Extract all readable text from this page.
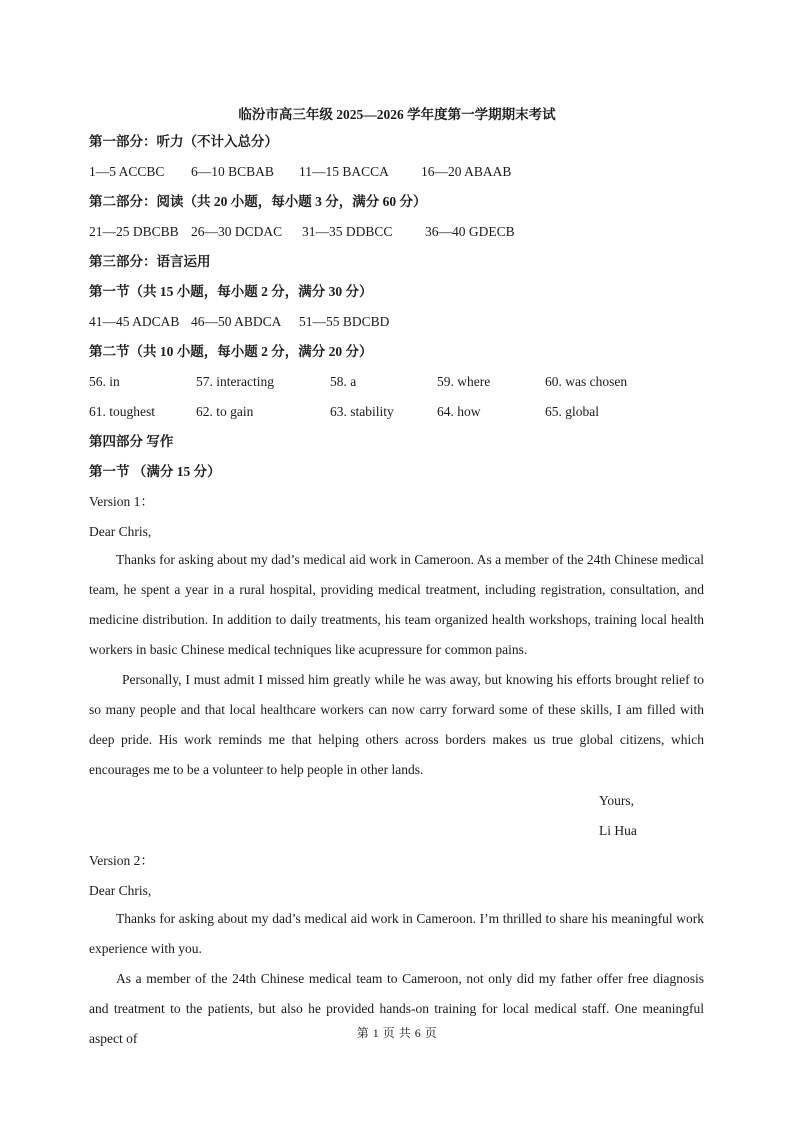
临汾市高三年级 2025—2026 学年度第一学期期末考试
第一部分：听力（不计入总分）
1—5 ACCBC 6—10 BCBAB 11—15 BACCA 16—20 ABAAB
第二部分：阅读（共 20 小题，每小题 3 分，满分 60 分）
21—25 DBCBB 26—30 DCDAC 31—35 DDBCC 36—40 GDECB
第三部分：语言运用
第一节（共 15 小题，每小题 2 分，满分 30 分）
41—45 ADCAB 46—50 ABDCA 51—55 BDCBD
第二节（共 10 小题，每小题 2 分，满分 20 分）
56. in	57. interacting	58. a	59. where	60. was chosen
61. toughest	62. to gain	63. stability	64. how	65. global
第四部分 写作
第一节 （满分 15 分）
Version 1：
Dear Chris,
Thanks for asking about my dad’s medical aid work in Cameroon. As a member of the 24th Chinese medical team, he spent a year in a rural hospital, providing medical treatment, including registration, consultation, and medicine distribution. In addition to daily treatments, his team organized health workshops, training local health workers in basic Chinese medical techniques like acupressure for common pains.
Personally, I must admit I missed him greatly while he was away, but knowing his efforts brought relief to so many people and that local healthcare workers can now carry forward some of these skills, I am filled with deep pride. His work reminds me that helping others across borders makes us true global citizens, which encourages me to be a volunteer to help people in other lands.
Yours,
Li Hua
Version 2：
Dear Chris,
Thanks for asking about my dad’s medical aid work in Cameroon. I’m thrilled to share his meaningful work experience with you.
As a member of the 24th Chinese medical team to Cameroon, not only did my father offer free diagnosis and treatment to the patients, but also he provided hands-on training for local medical staff. One meaningful aspect of	第 1 页 共 6 页
